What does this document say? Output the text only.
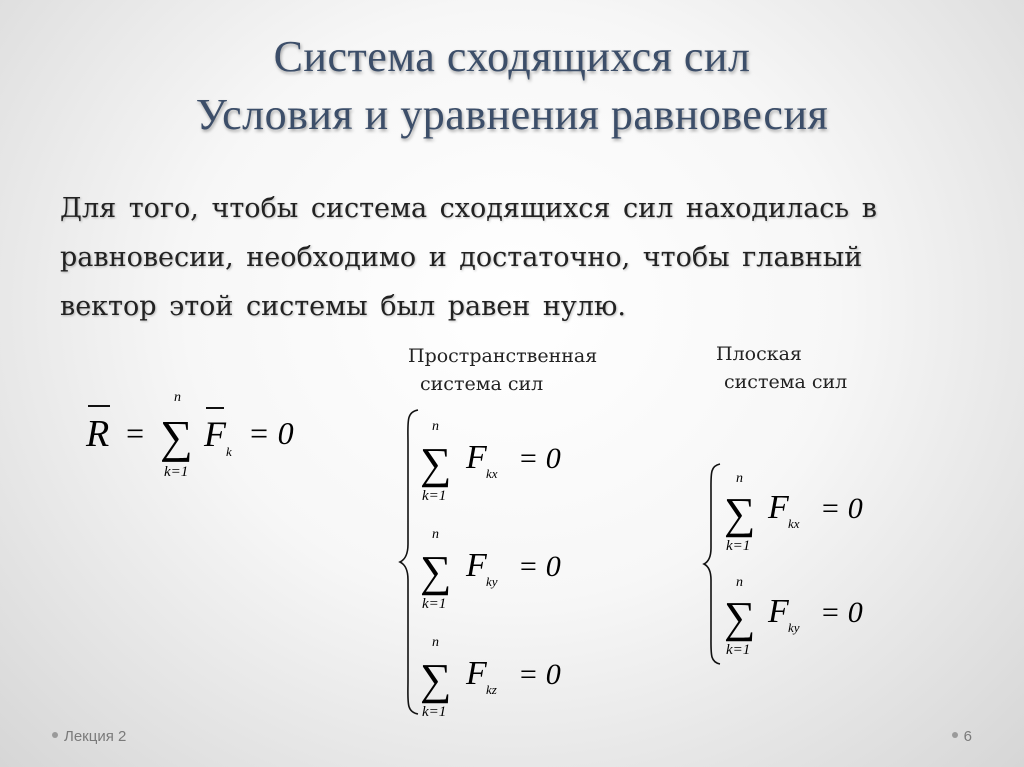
Система сходящихся сил
Условия и уравнения равновесия
Для того, чтобы система сходящихся сил находилась в
равновесии, необходимо и достаточно, чтобы главный
вектор этой системы был равен нулю.
Пространственная
система сил
Плоская
система сил
R =
n
∑
k=1
F k
= 0	n
∑
k=1
F kx = 0
n
∑
k=1
F ky = 0
n
∑
k=1
F kz = 0
n
∑
k=1
F kx = 0
n
∑
k=1
F ky = 0
Лекция 2	6
